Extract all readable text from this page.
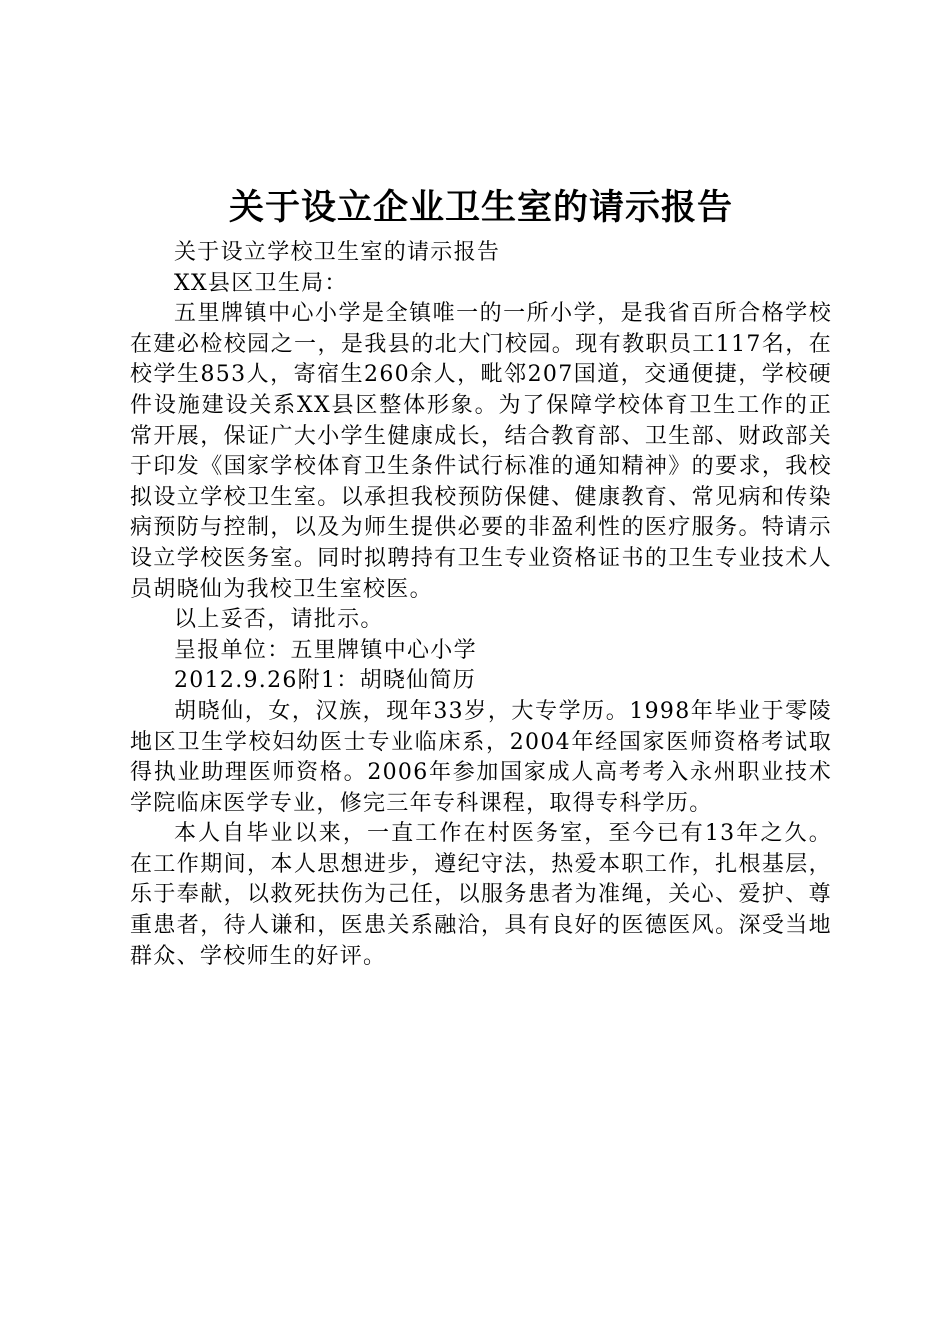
关于设立企业卫生室的请示报告

关于设立学校卫生室的请示报告

XX县区卫生局：

五里牌镇中心小学是全镇唯一的一所小学，是我省百所合格学校在建必检校园之一，是我县的北大门校园。现有教职员工117名，在校学生853人，寄宿生260余人，毗邻207国道，交通便捷，学校硬件设施建设关系XX县区整体形象。为了保障学校体育卫生工作的正常开展，保证广大小学生健康成长，结合教育部、卫生部、财政部关于印发《国家学校体育卫生条件试行标准的通知精神》的要求，我校拟设立学校卫生室。以承担我校预防保健、健康教育、常见病和传染病预防与控制，以及为师生提供必要的非盈利性的医疗服务。特请示设立学校医务室。同时拟聘持有卫生专业资格证书的卫生专业技术人员胡晓仙为我校卫生室校医。

以上妥否，请批示。

呈报单位：五里牌镇中心小学

2012.9.26附1：胡晓仙简历

胡晓仙，女，汉族，现年33岁，大专学历。1998年毕业于零陵地区卫生学校妇幼医士专业临床系，2004年经国家医师资格考试取得执业助理医师资格。2006年参加国家成人高考考入永州职业技术学院临床医学专业，修完三年专科课程，取得专科学历。

本人自毕业以来，一直工作在村医务室，至今已有13年之久。在工作期间，本人思想进步，遵纪守法，热爱本职工作，扎根基层，乐于奉献，以救死扶伤为己任，以服务患者为准绳，关心、爱护、尊重患者，待人谦和，医患关系融洽，具有良好的医德医风。深受当地群众、学校师生的好评。
